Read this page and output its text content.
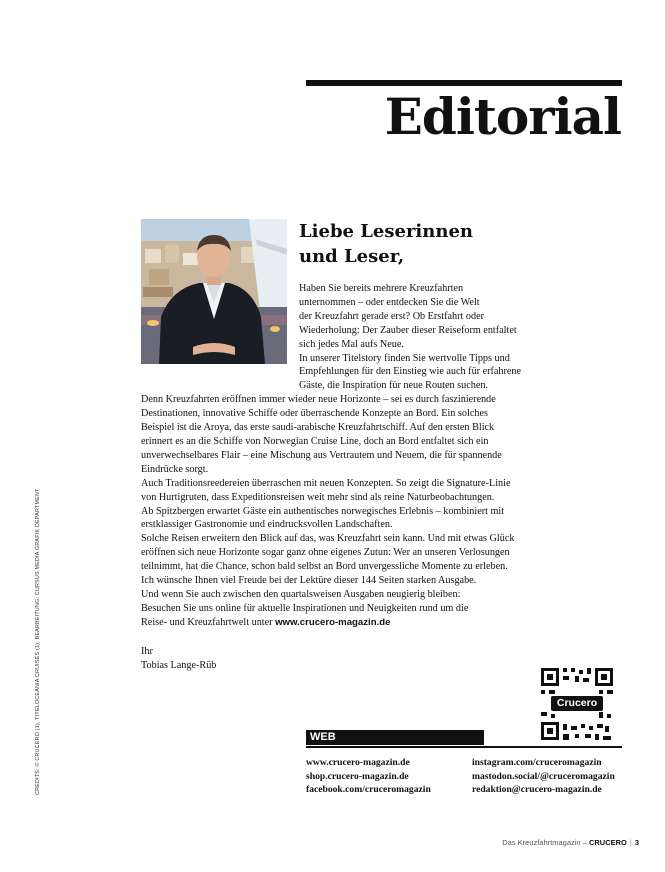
Editorial
Liebe Leserinnen
und Leser,

Haben Sie bereits mehrere Kreuzfahrten

unternommen – oder entdecken Sie die Welt

der Kreuzfahrt gerade erst? Ob Erstfahrt oder

Wiederholung: Der Zauber dieser Reiseform entfaltet

sich jedes Mal aufs Neue.

In unserer Titelstory finden Sie wertvolle Tipps und

Empfehlungen für den Einstieg wie auch für erfahrene

Gäste, die Inspiration für neue Routen suchen.

Denn Kreuzfahrten eröffnen immer wieder neue Horizonte – sei es durch faszinierende

Destinationen, innovative Schiffe oder überraschende Konzepte an Bord. Ein solches

Beispiel ist die Aroya, das erste saudi-arabische Kreuzfahrtschiff. Auf den ersten Blick

erinnert es an die Schiffe von Norwegian Cruise Line, doch an Bord entfaltet sich ein

unverwechselbares Flair – eine Mischung aus Vertrautem und Neuem, die für spannende

Eindrücke sorgt.

Auch Traditionsreedereien überraschen mit neuen Konzepten. So zeigt die Signature-Linie

von Hurtigruten, dass Expeditionsreisen weit mehr sind als reine Naturbeobachtungen.

Ab Spitzbergen erwartet Gäste ein authentisches norwegisches Erlebnis – kombiniert mit

erstklassiger Gastronomie und eindrucksvollen Landschaften.

Solche Reisen erweitern den Blick auf das, was Kreuzfahrt sein kann. Und mit etwas Glück

eröffnen sich neue Horizonte sogar ganz ohne eigenes Zutun: Wer an unseren Verlosungen

teilnimmt, hat die Chance, schon bald selbst an Bord unvergessliche Momente zu erleben.

Ich wünsche Ihnen viel Freude bei der Lektüre dieser 144 Seiten starken Ausgabe.

Und wenn Sie auch zwischen den quartalsweisen Ausgaben neugierig bleiben:

Besuchen Sie uns online für aktuelle Inspirationen und Neuigkeiten rund um die

Reise- und Kreuzfahrtwelt unter www.crucero-magazin.de

Ihr
Tobias Lange-Rüb
Crucero
WEB
www.crucero-magazin.de
shop.crucero-magazin.de
facebook.com/cruceromagazin
instagram.com/cruceromagazin
mastodon.social/@cruceromagazin
redaktion@crucero-magazin.de
CREDITS: © CRUCERO (1), TITELOCEANIA CRUISES (1); BEARBEITUNG: CURSUS MEDIA GRAFIK DEPARTMENT
Das Kreuzfahrtmagazin – CRUCERO | 3
